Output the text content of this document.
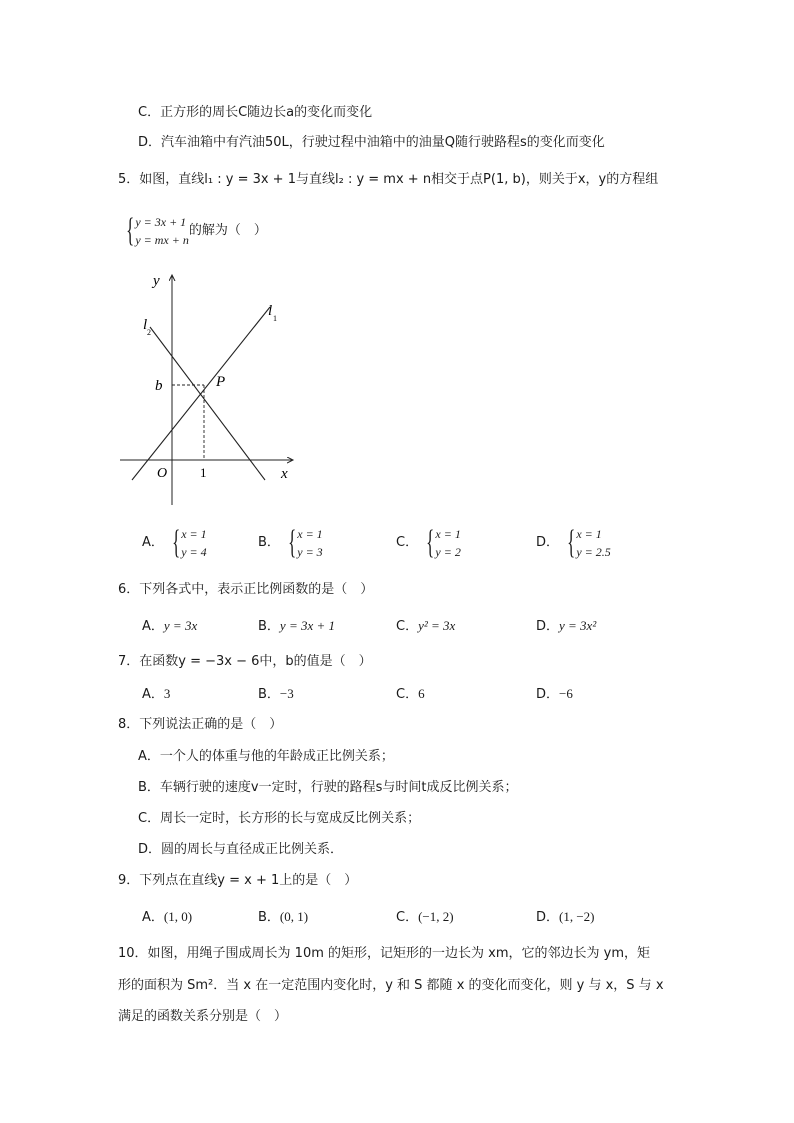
C．正方形的周长C随边长a的变化而变化
D．汽车油箱中有汽油50L，行驶过程中油箱中的油量Q随行驶路程s的变化而变化
5．如图，直线l₁ : y = 3x + 1与直线l₂ : y = mx + n相交于点P(1, b)，则关于x，y的方程组
{ y = 3x + 1
y = mx + n
的解为（　）
y
x
O	1
b	P
l 1
l 2
A． { x = 1
y = 4
B． { x = 1
y = 3
C． { x = 1
y = 2
D． { x = 1
y = 2.5
6．下列各式中，表示正比例函数的是（　）
A．y = 3x	B．y = 3x + 1	C．y² = 3x	D．y = 3x²
7．在函数y = −3x − 6中，b的值是（　）
A．3	B．−3	C．6	D．−6
8．下列说法正确的是（　）
A．一个人的体重与他的年龄成正比例关系；
B．车辆行驶的速度v一定时，行驶的路程s与时间t成反比例关系；
C．周长一定时，长方形的长与宽成反比例关系；
D．圆的周长与直径成正比例关系．
9．下列点在直线y = x + 1上的是（　）
A．(1, 0)	B．(0, 1)	C．(−1, 2)	D．(1, −2)
10．如图，用绳子围成周长为 10m 的矩形，记矩形的一边长为 xm，它的邻边长为 ym，矩
形的面积为 Sm²．当 x 在一定范围内变化时，y 和 S 都随 x 的变化而变化，则 y 与 x，S 与 x
满足的函数关系分别是（　）
